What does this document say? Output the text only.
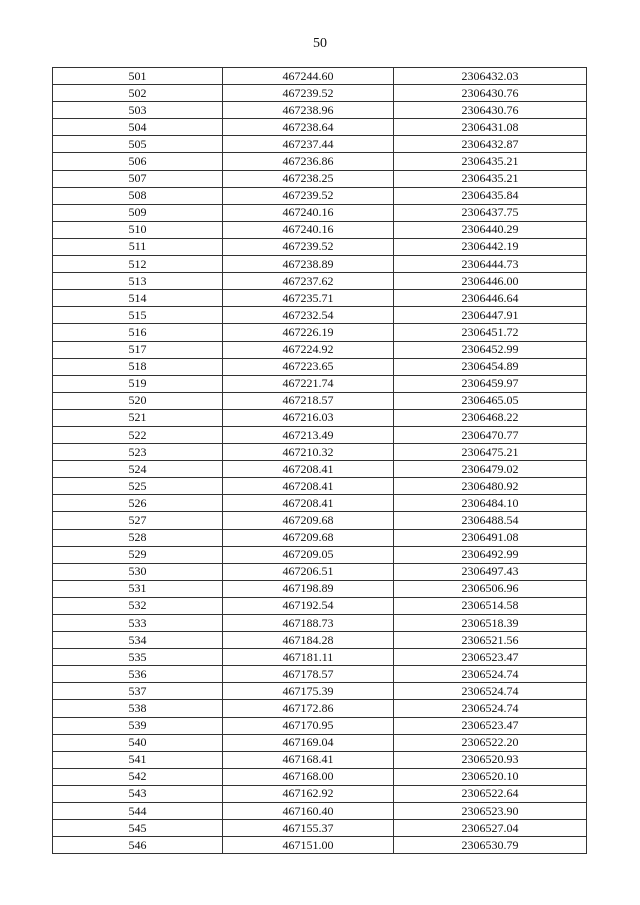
50
501	467244.60	2306432.03
502	467239.52	2306430.76
503	467238.96	2306430.76
504	467238.64	2306431.08
505	467237.44	2306432.87
506	467236.86	2306435.21
507	467238.25	2306435.21
508	467239.52	2306435.84
509	467240.16	2306437.75
510	467240.16	2306440.29
511	467239.52	2306442.19
512	467238.89	2306444.73
513	467237.62	2306446.00
514	467235.71	2306446.64
515	467232.54	2306447.91
516	467226.19	2306451.72
517	467224.92	2306452.99
518	467223.65	2306454.89
519	467221.74	2306459.97
520	467218.57	2306465.05
521	467216.03	2306468.22
522	467213.49	2306470.77
523	467210.32	2306475.21
524	467208.41	2306479.02
525	467208.41	2306480.92
526	467208.41	2306484.10
527	467209.68	2306488.54
528	467209.68	2306491.08
529	467209.05	2306492.99
530	467206.51	2306497.43
531	467198.89	2306506.96
532	467192.54	2306514.58
533	467188.73	2306518.39
534	467184.28	2306521.56
535	467181.11	2306523.47
536	467178.57	2306524.74
537	467175.39	2306524.74
538	467172.86	2306524.74
539	467170.95	2306523.47
540	467169.04	2306522.20
541	467168.41	2306520.93
542	467168.00	2306520.10
543	467162.92	2306522.64
544	467160.40	2306523.90
545	467155.37	2306527.04
546	467151.00	2306530.79
